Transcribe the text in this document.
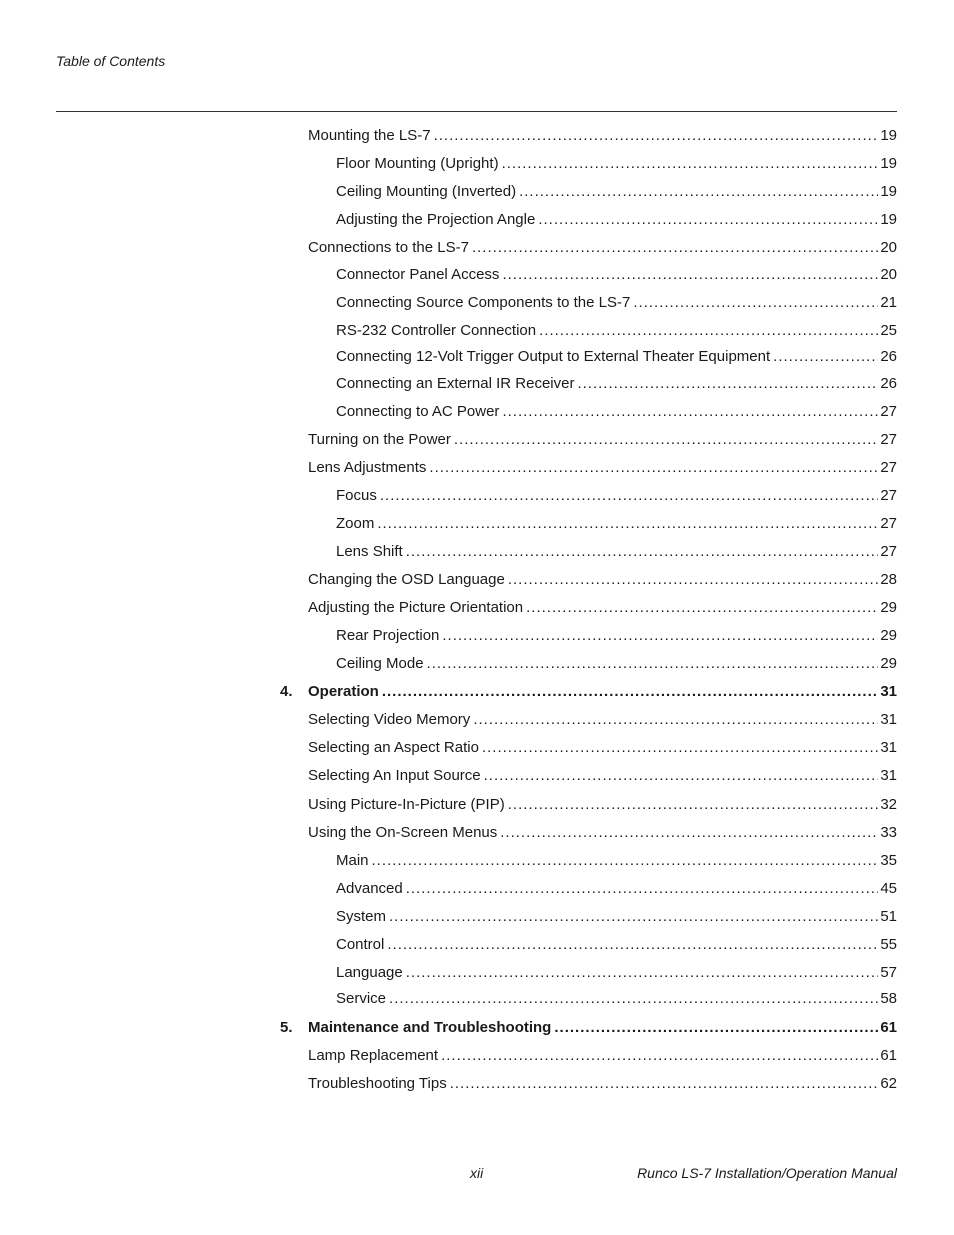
Table of Contents
Mounting the LS-7 .....	19
Floor Mounting (Upright) .....	19
Ceiling Mounting (Inverted) .....	19
Adjusting the Projection Angle .....	19
Connections to the LS-7 .....	20
Connector Panel Access .....	20
Connecting Source Components to the LS-7 .....	21
RS-232 Controller Connection .....	25
Connecting 12-Volt Trigger Output to External Theater Equipment .....	26
Connecting an External IR Receiver .....	26
Connecting to AC Power .....	27
Turning on the Power .....	27
Lens Adjustments .....	27
Focus .....	27
Zoom .....	27
Lens Shift .....	27
Changing the OSD Language .....	28
Adjusting the Picture Orientation .....	29
Rear Projection .....	29
Ceiling Mode .....	29
4.	Operation .....	31
Selecting Video Memory .....	31
Selecting an Aspect Ratio .....	31
Selecting An Input Source .....	31
Using Picture-In-Picture (PIP) .....	32
Using the On-Screen Menus .....	33
Main .....	35
Advanced .....	45
System .....	51
Control .....	55
Language .....	57
Service .....	58
5.	Maintenance and Troubleshooting .....	61
Lamp Replacement .....	61
Troubleshooting Tips .....	62
xii	Runco LS-7 Installation/Operation Manual
